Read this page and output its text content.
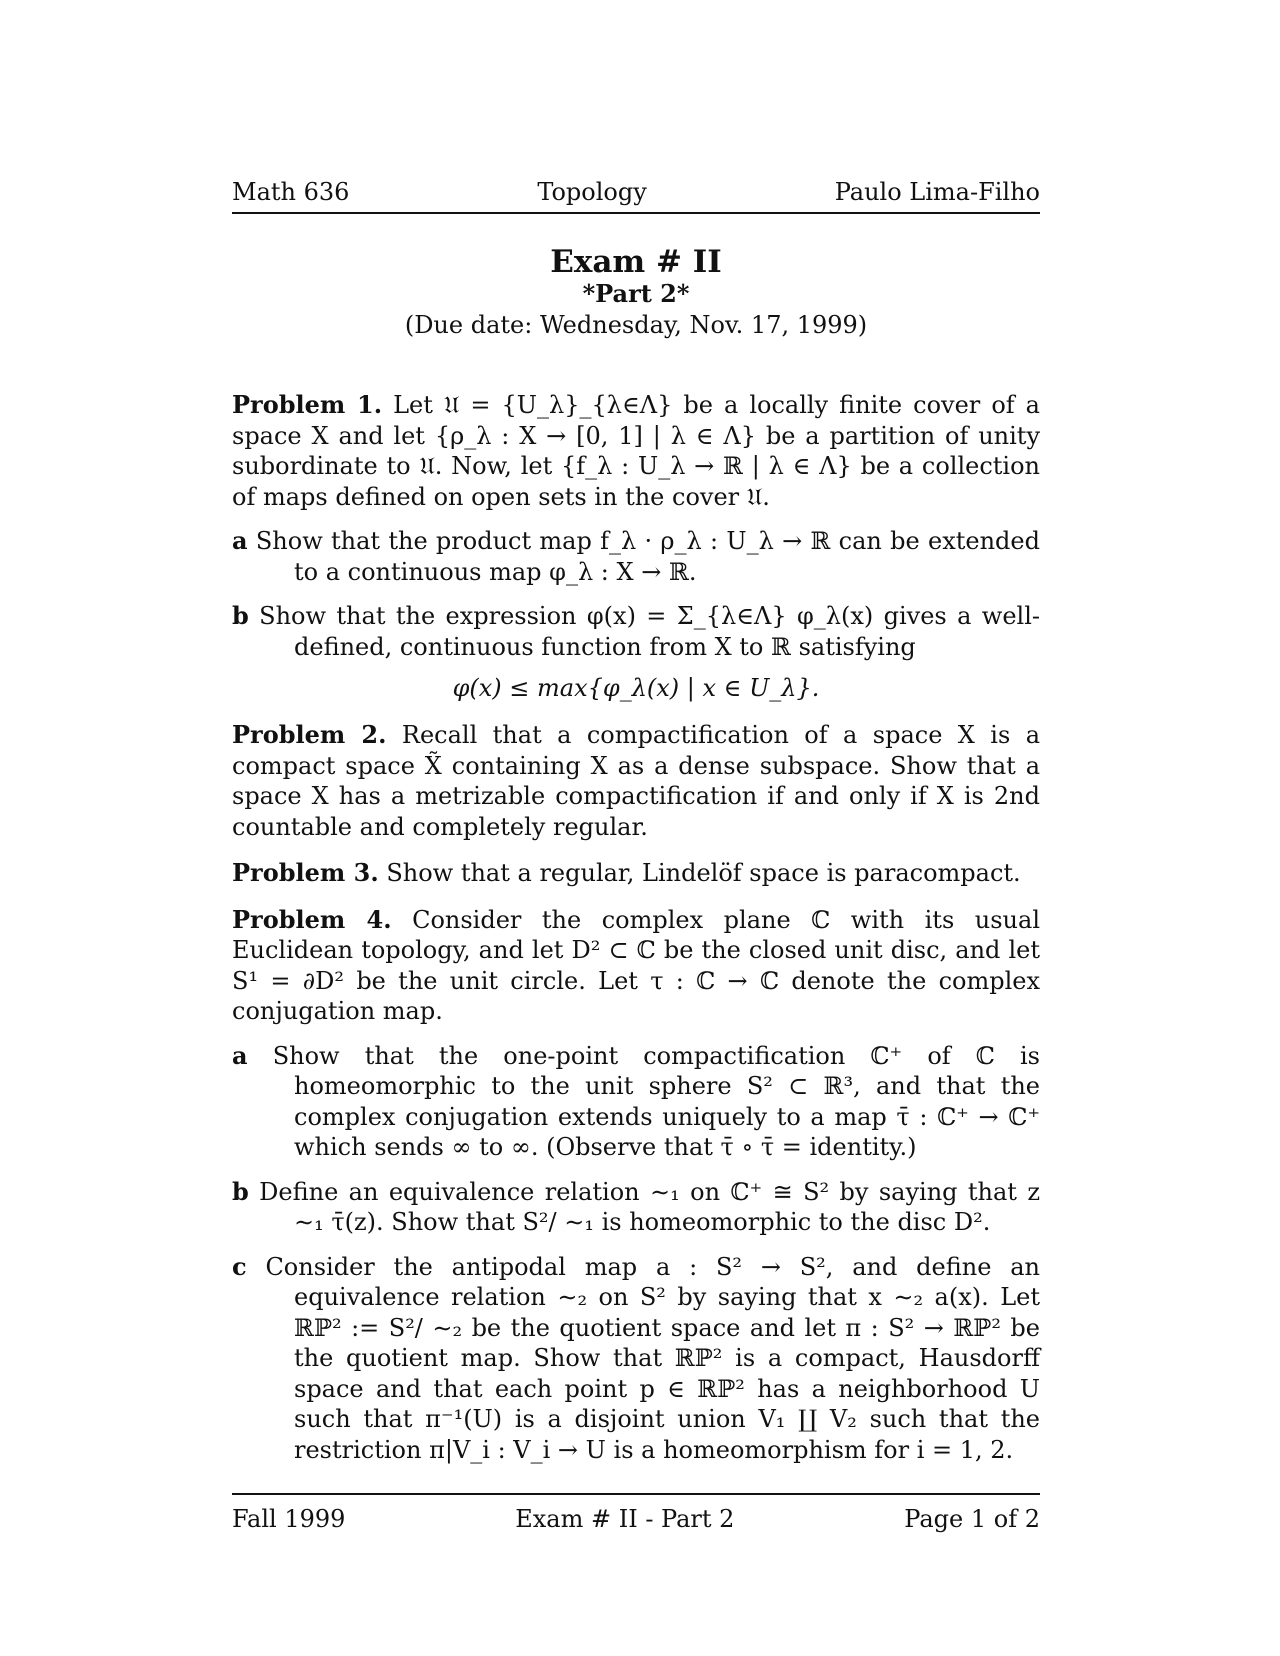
Math 636	Topology	Paulo Lima-Filho
Exam # II
*Part 2*
(Due date: Wednesday, Nov. 17, 1999)
Problem 1. Let 𝔘 = {U_λ}_{λ∈Λ} be a locally finite cover of a space X and let {ρ_λ : X → [0, 1] | λ ∈ Λ} be a partition of unity subordinate to 𝔘. Now, let {f_λ : U_λ → ℝ | λ ∈ Λ} be a collection of maps defined on open sets in the cover 𝔘.
a Show that the product map f_λ · ρ_λ : U_λ → ℝ can be extended to a continuous map φ_λ : X → ℝ.
b Show that the expression φ(x) = Σ_{λ∈Λ} φ_λ(x) gives a well-defined, continuous function from X to ℝ satisfying
φ(x) ≤ max{φ_λ(x) | x ∈ U_λ}.
Problem 2. Recall that a compactification of a space X is a compact space X̃ containing X as a dense subspace. Show that a space X has a metrizable compactification if and only if X is 2nd countable and completely regular.
Problem 3. Show that a regular, Lindelöf space is paracompact.
Problem 4. Consider the complex plane ℂ with its usual Euclidean topology, and let D² ⊂ ℂ be the closed unit disc, and let S¹ = ∂D² be the unit circle. Let τ : ℂ → ℂ denote the complex conjugation map.
a Show that the one-point compactification ℂ⁺ of ℂ is homeomorphic to the unit sphere S² ⊂ ℝ³, and that the complex conjugation extends uniquely to a map τ̄ : ℂ⁺ → ℂ⁺ which sends ∞ to ∞. (Observe that τ̄ ∘ τ̄ = identity.)
b Define an equivalence relation ∼₁ on ℂ⁺ ≅ S² by saying that z ∼₁ τ̄(z). Show that S²/ ∼₁ is homeomorphic to the disc D².
c Consider the antipodal map a : S² → S², and define an equivalence relation ∼₂ on S² by saying that x ∼₂ a(x). Let ℝℙ² := S²/ ∼₂ be the quotient space and let π : S² → ℝℙ² be the quotient map. Show that ℝℙ² is a compact, Hausdorff space and that each point p ∈ ℝℙ² has a neighborhood U such that π⁻¹(U) is a disjoint union V₁ ∐ V₂ such that the restriction π|V_i : V_i → U is a homeomorphism for i = 1, 2.
Fall 1999	Exam # II - Part 2	Page 1 of 2
